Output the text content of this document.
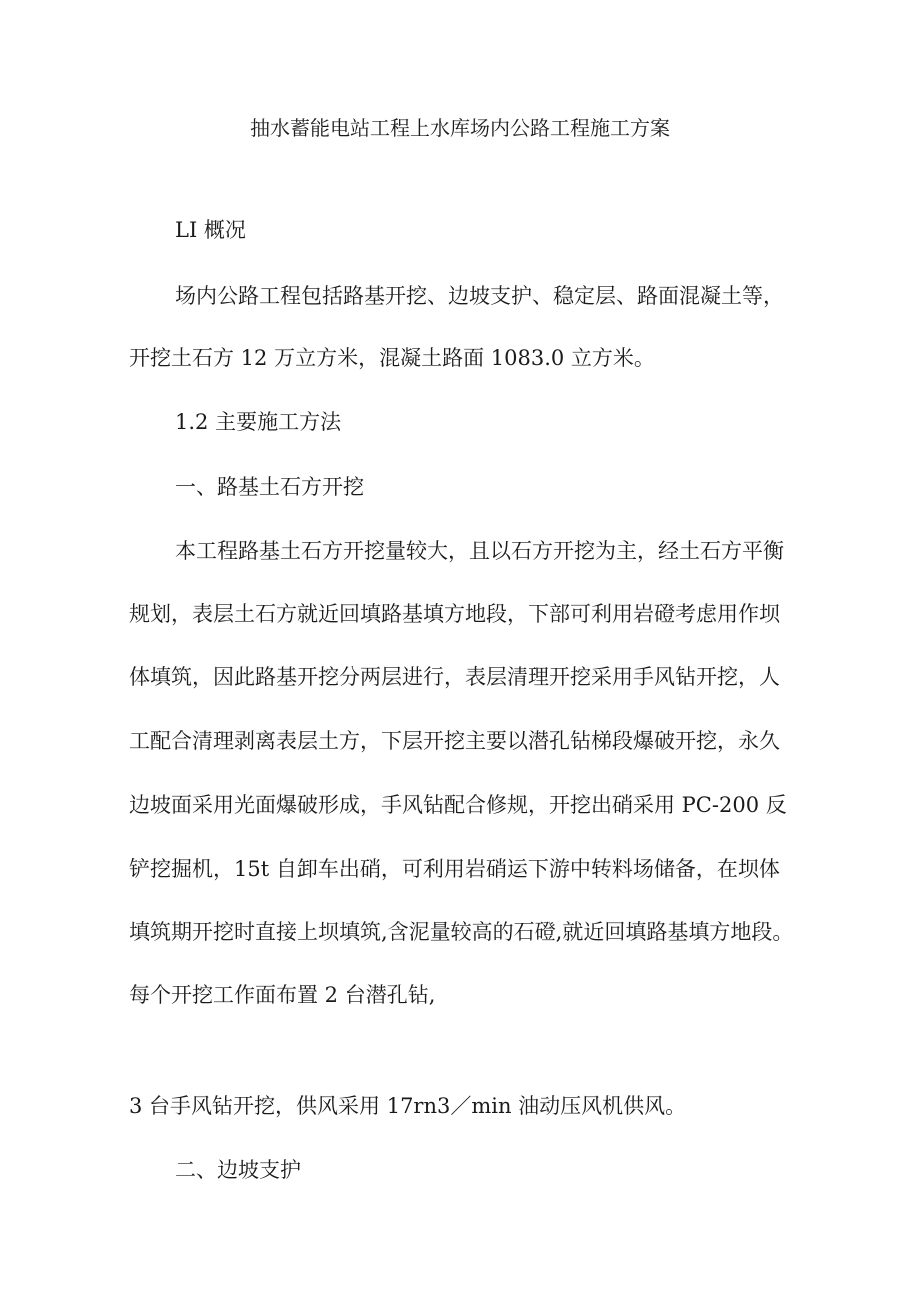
抽水蓄能电站工程上水库场内公路工程施工方案

LI 概况

场内公路工程包括路基开挖、边坡支护、稳定层、路面混凝土等，

开挖土石方 12 万立方米，混凝土路面 1083.0 立方米。

1.2 主要施工方法

一、路基土石方开挖

本工程路基土石方开挖量较大，且以石方开挖为主，经土石方平衡

规划，表层土石方就近回填路基填方地段，下部可利用岩磴考虑用作坝

体填筑，因此路基开挖分两层进行，表层清理开挖采用手风钻开挖，人

工配合清理剥离表层土方，下层开挖主要以潜孔钻梯段爆破开挖，永久

边坡面采用光面爆破形成，手风钻配合修规，开挖出硝采用 PC-200 反

铲挖掘机，15t 自卸车出硝，可利用岩硝运下游中转料场储备，在坝体

填筑期开挖时直接上坝填筑,含泥量较高的石磴,就近回填路基填方地段。

每个开挖工作面布置 2 台潜孔钻,

3 台手风钻开挖，供风采用 17rn3／min 油动压风机供风。

二、边坡支护
